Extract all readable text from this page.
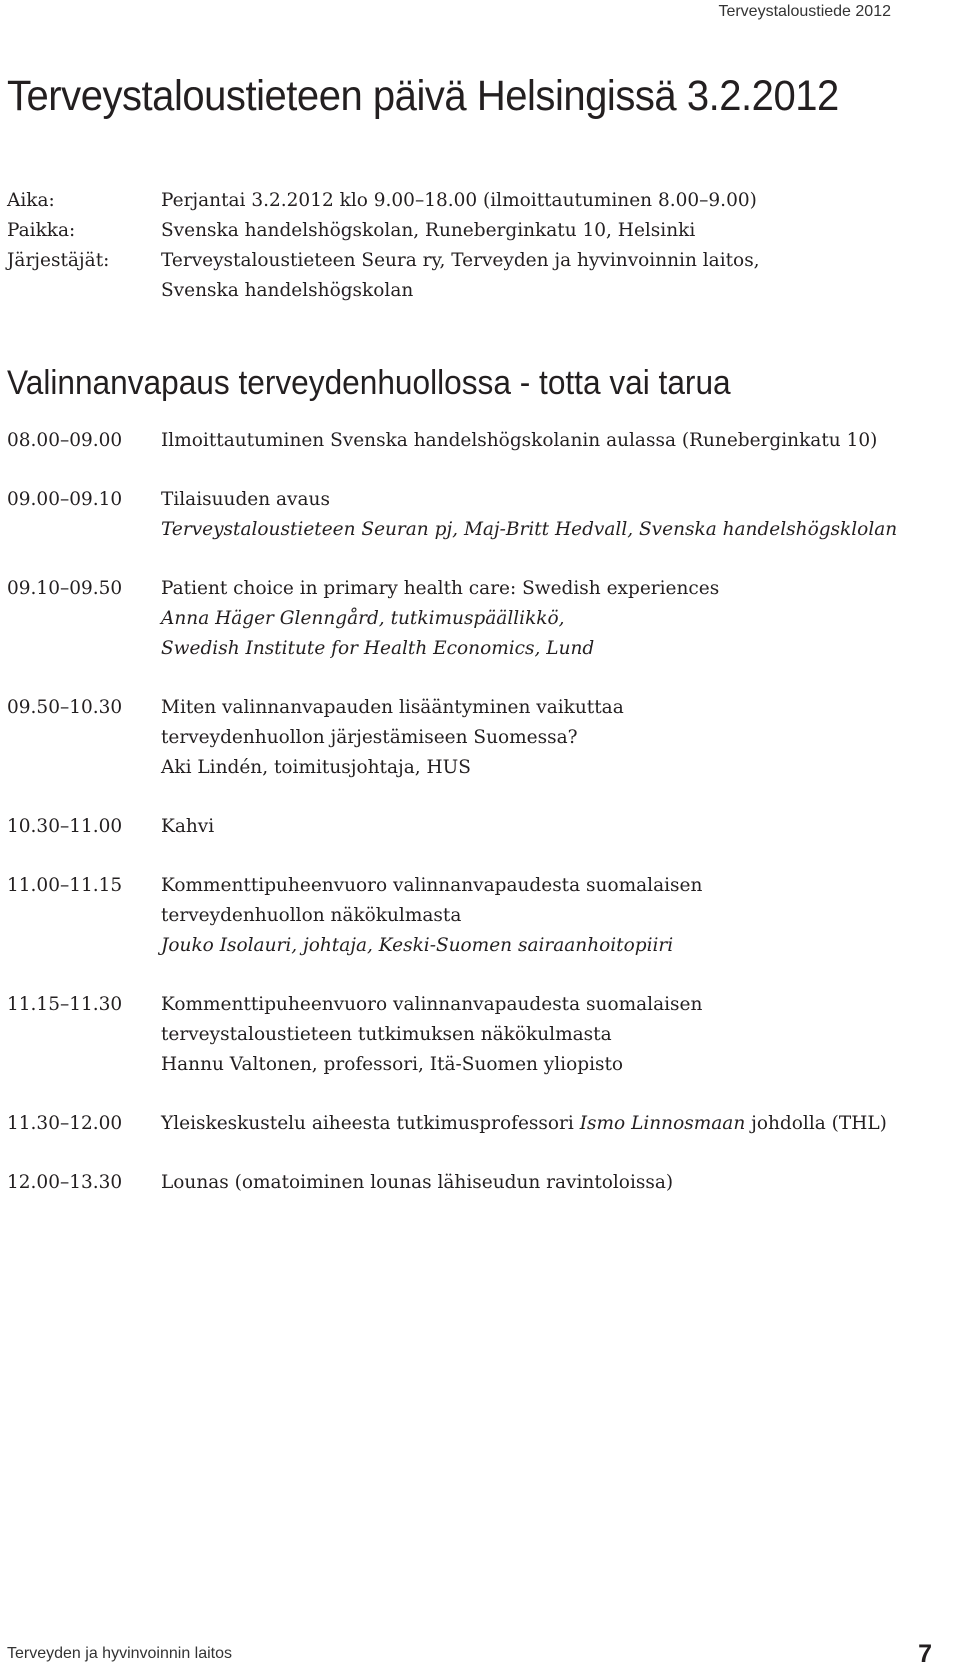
Terveystaloustiede 2012
Terveystaloustieteen päivä Helsingissä 3.2.2012
Aika:	Perjantai 3.2.2012 klo 9.00–18.00 (ilmoittautuminen 8.00–9.00)
Paikka:	Svenska handelshögskolan, Runeberginkatu 10, Helsinki
Järjestäjät:	Terveystaloustieteen Seura ry, Terveyden ja hyvinvoinnin laitos,
Svenska handelshögskolan
Valinnanvapaus terveydenhuollossa - totta vai tarua
08.00–09.00	Ilmoittautuminen Svenska handelshögskolanin aulassa (Runeberginkatu 10)
09.00–09.10	Tilaisuuden avaus
Terveystaloustieteen Seuran pj, Maj-Britt Hedvall, Svenska handelshögsklolan
09.10–09.50	Patient choice in primary health care: Swedish experiences
Anna Häger Glenngård, tutkimuspäällikkö,
Swedish Institute for Health Economics, Lund
09.50–10.30	Miten valinnanvapauden lisääntyminen vaikuttaa
terveydenhuollon järjestämiseen Suomessa?
Aki Lindén, toimitusjohtaja, HUS
10.30–11.00	Kahvi
11.00–11.15	Kommenttipuheenvuoro valinnanvapaudesta suomalaisen
terveydenhuollon näkökulmasta
Jouko Isolauri, johtaja, Keski-Suomen sairaanhoitopiiri
11.15–11.30	Kommenttipuheenvuoro valinnanvapaudesta suomalaisen
terveystaloustieteen tutkimuksen näkökulmasta
Hannu Valtonen, professori, Itä-Suomen yliopisto
11.30–12.00	Yleiskeskustelu aiheesta tutkimusprofessori Ismo Linnosmaan johdolla (THL)
12.00–13.30	Lounas (omatoiminen lounas lähiseudun ravintoloissa)
Terveyden ja hyvinvoinnin laitos	7
